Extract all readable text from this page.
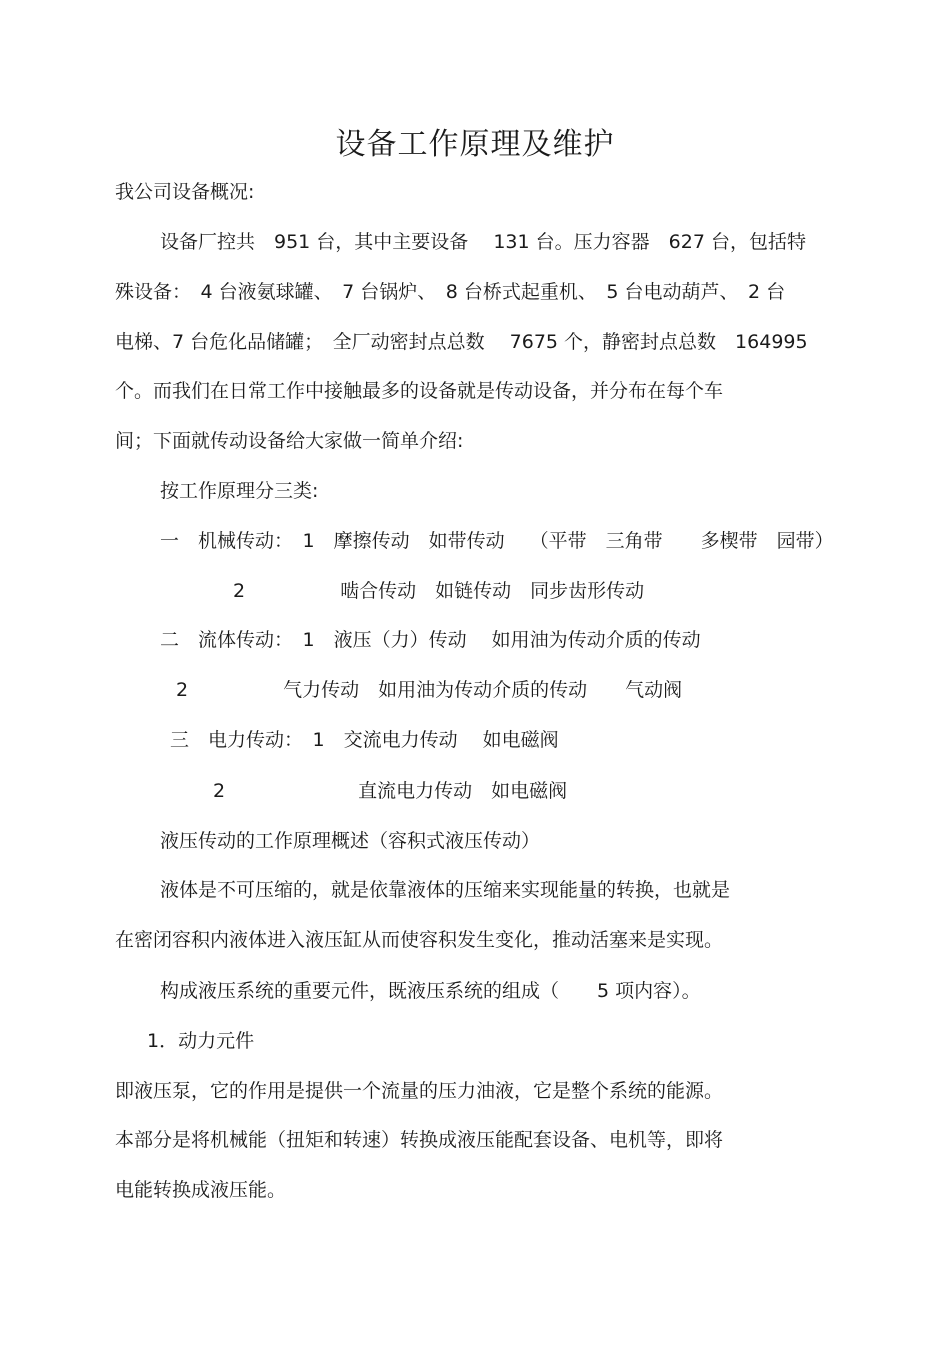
设备工作原理及维护
我公司设备概况:
设备厂控共　951 台，其中主要设备　 131 台。压力容器　627 台，包括特
殊设备：　4 台液氨球罐、　7 台锅炉、　8 台桥式起重机、　5 台电动葫芦、　2 台
电梯、7 台危化品储罐；　全厂动密封点总数　 7675 个，静密封点总数　164995
个。而我们在日常工作中接触最多的设备就是传动设备，并分布在每个车
间；下面就传动设备给大家做一简单介绍:
按工作原理分三类:
一　机械传动：　1　摩擦传动　如带传动　 （平带　三角带　　多楔带　园带）
2　　　　　啮合传动　如链传动　同步齿形传动
二　流体传动：　1　液压（力）传动　 如用油为传动介质的传动
2　　　　　气力传动　如用油为传动介质的传动　　气动阀
三　电力传动：　1　交流电力传动　 如电磁阀
2　　　　　　　直流电力传动　如电磁阀
液压传动的工作原理概述（容积式液压传动）
液体是不可压缩的，就是依靠液体的压缩来实现能量的转换，也就是
在密闭容积内液体进入液压缸从而使容积发生变化，推动活塞来是实现。
构成液压系统的重要元件，既液压系统的组成（　　5 项内容）。
1．动力元件
即液压泵，它的作用是提供一个流量的压力油液，它是整个系统的能源。
本部分是将机械能（扭矩和转速）转换成液压能配套设备、电机等，即将
电能转换成液压能。
